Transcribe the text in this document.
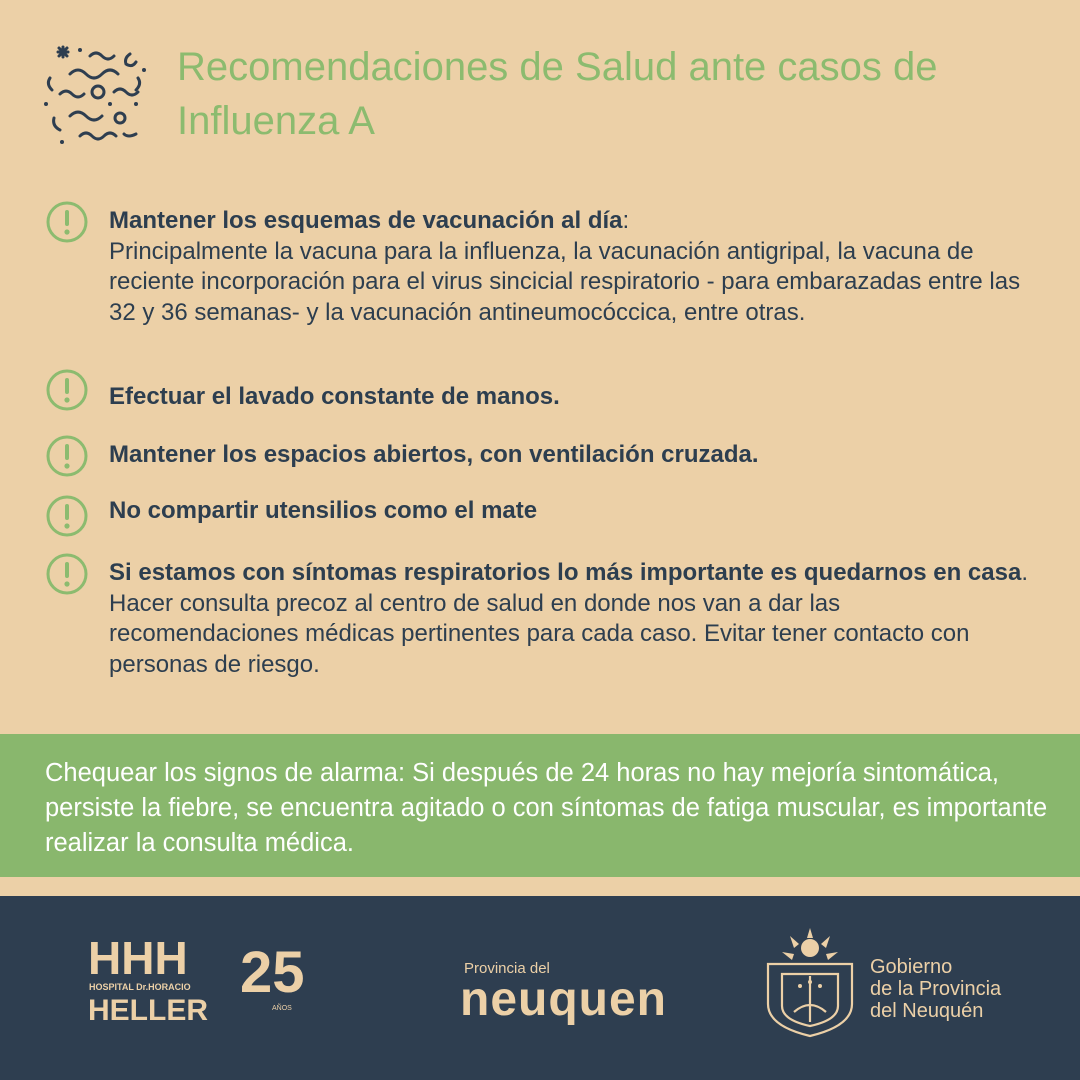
Recomendaciones de Salud ante casos de Influenza A
Mantener los esquemas de vacunación al día:
Principalmente la vacuna para la influenza, la vacunación antigripal, la vacuna de reciente incorporación para el virus sincicial respiratorio - para embarazadas entre las 32 y 36 semanas- y la vacunación antineumocóccica, entre otras.
Efectuar el lavado constante de manos.
Mantener los espacios abiertos, con ventilación cruzada.
No compartir utensilios como el mate
Si estamos con síntomas respiratorios lo más importante es quedarnos en casa. Hacer consulta precoz al centro de salud en donde nos van a dar las recomendaciones médicas pertinentes para cada caso. Evitar tener contacto con personas de riesgo.

Chequear los signos de alarma: Si después de 24 horas no hay mejoría sintomática, persiste la fiebre, se encuentra agitado o con síntomas de fatiga muscular, es importante realizar la consulta médica.

HHH
HOSPITAL Dr.HORACIO
HELLER
25
AÑOS
Provincia del
neuquen
Gobierno
de la Provincia
del Neuquén
